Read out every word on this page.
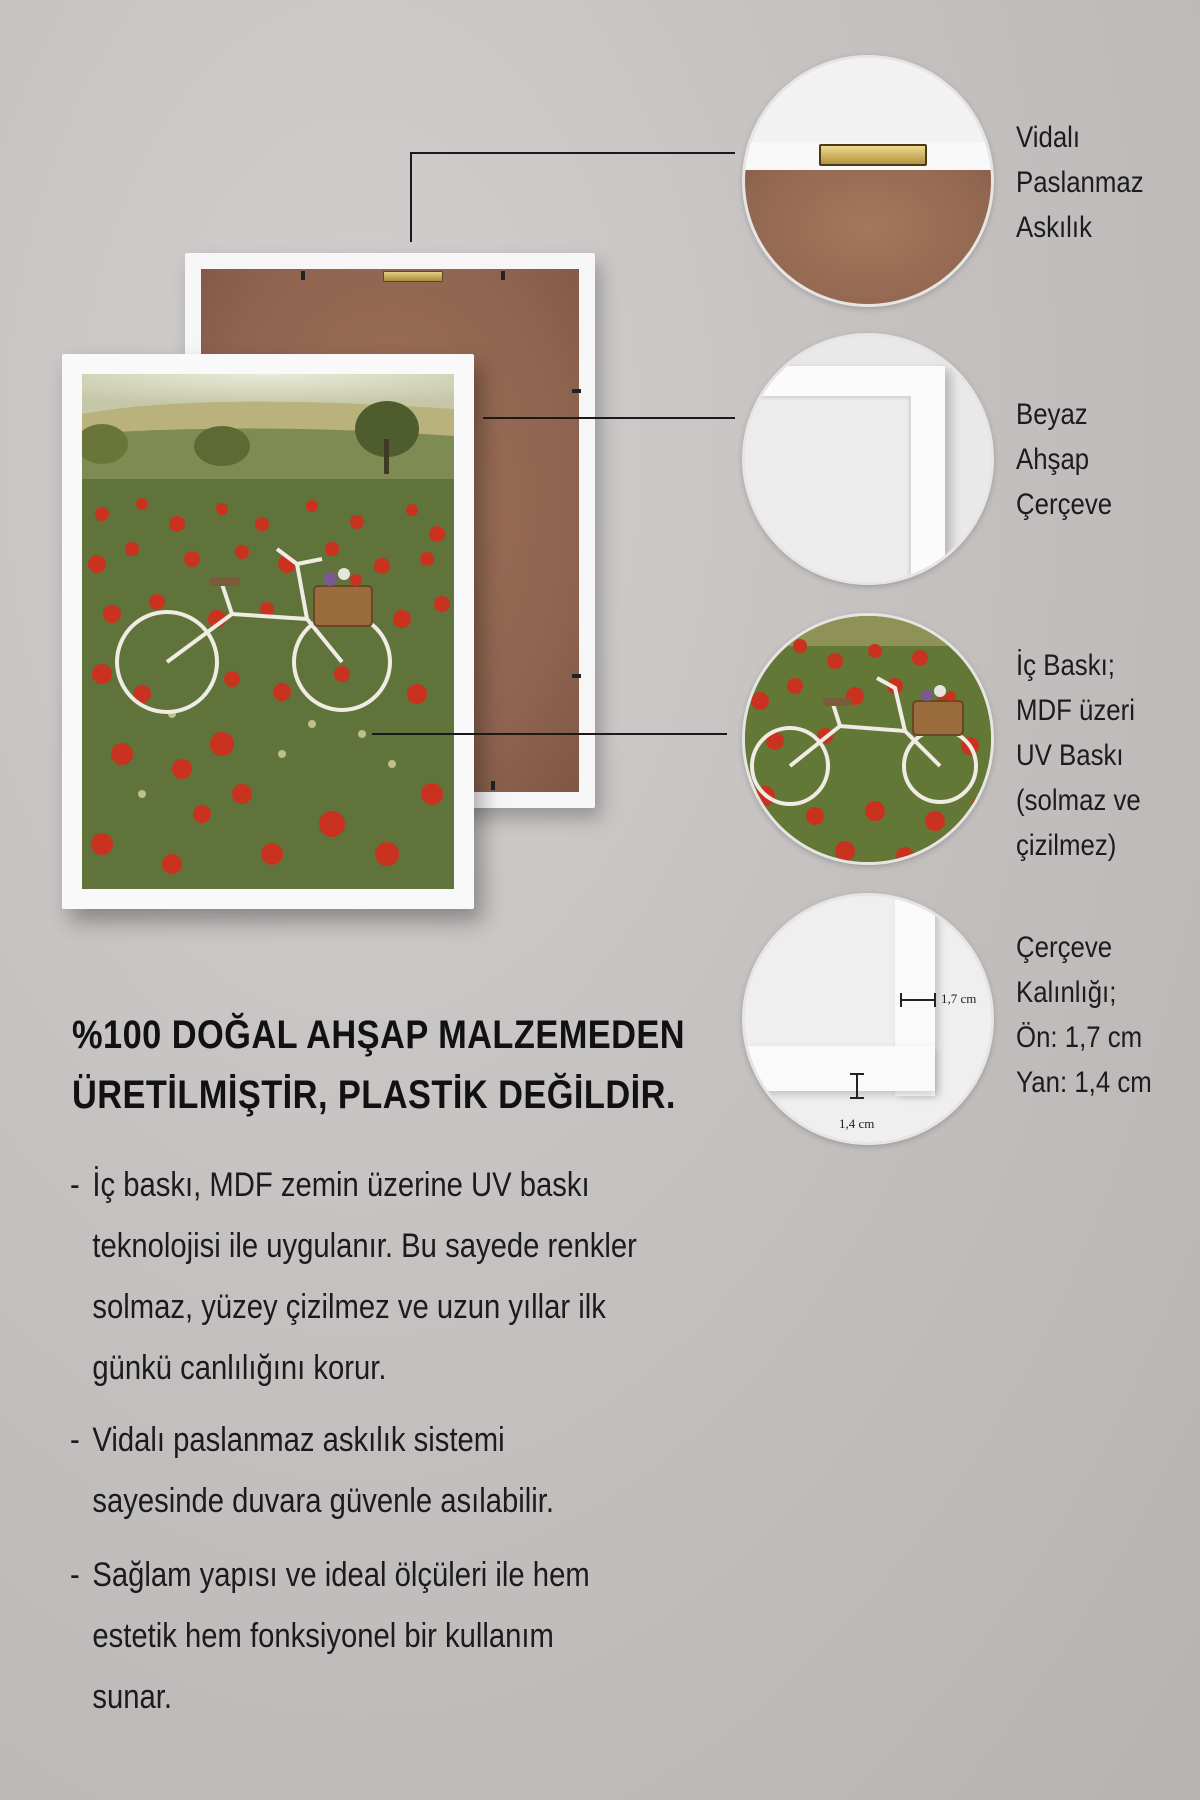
Vidalı
Paslanmaz
Askılık
Beyaz
Ahşap
Çerçeve
İç Baskı;
MDF üzeri
UV Baskı
(solmaz ve
çizilmez)
1,7 cm
1,4 cm
Çerçeve
Kalınlığı;
Ön: 1,7 cm
Yan: 1,4 cm
%100 DOĞAL AHŞAP MALZEMEDEN
ÜRETİLMİŞTİR, PLASTİK DEĞİLDİR.
- İç baskı, MDF zemin üzerine UV baskı
teknolojisi ile uygulanır. Bu sayede renkler
solmaz, yüzey çizilmez ve uzun yıllar ilk
günkü canlılığını korur.
- Vidalı paslanmaz askılık sistemi
sayesinde duvara güvenle asılabilir.
- Sağlam yapısı ve ideal ölçüleri ile hem
estetik hem fonksiyonel bir kullanım
sunar.
